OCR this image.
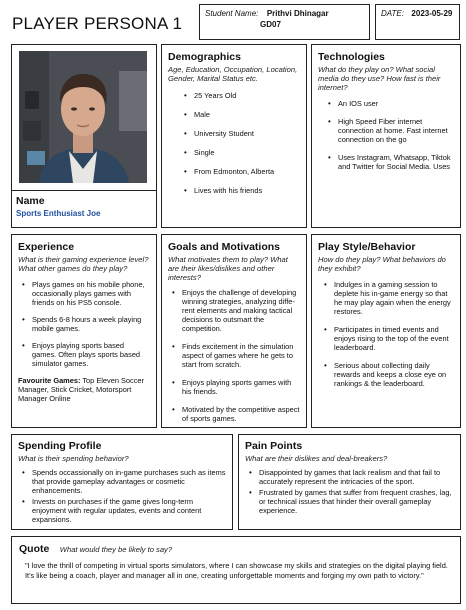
PLAYER PERSONA 1
Student Name: Prithvi Dhinagar
GD07
DATE: 2023-05-29
Name
Sports Enthusiast Joe
Demographics
Age, Education, Occupation, Location, Gender, Marital Status etc.
• 25 Years Old
• Male
• University Student
• Single
• From Edmonton, Alberta
• Lives with his friends
Technologies
What do they play on? What social media do they use? How fast is their internet?
• An IOS user
• High Speed Fiber internet connection at home. Fast internet connection on the go
• Uses Instagram, Whatsapp, Tiktok and Twitter for Social Media. Uses
Experience
What is their gaming experience level? What other games do they play?
• Plays games on his mobile phone, occasionally plays games with friends on his PS5 console.
• Spends 6-8 hours a week playing mobile games.
• Enjoys playing sports based games. Often plays sports based simulator games.
Favourite Games: Top Eleven Soccer Manager, Stick Cricket, Motorsport Manager Online
Goals and Motivations
What motivates them to play? What are their likes/dislikes and other interests?
• Enjoys the challenge of developing winning strategies, analyzing diffe-rent elements and making tactical decisions to outsmart the competition.
• Finds excitement in the simulation aspect of games where he gets to start from scratch.
• Enjoys playing sports games with his friends.
• Motivated by the competitive aspect of sports games.
Play Style/Behavior
How do they play? What behaviors do they exhibit?
• Indulges in a gaming session to deplete his in-game energy so that he may play again when the energy restores.
• Participates in timed events and enjoys rising to the top of the event leaderboard.
• Serious about collecting daily rewards and keeps a close eye on rankings & the leaderboard.
Spending Profile
What is their spending behavior?
• Spends occassionally on in-game purchases such as items that provide gameplay advantages or cosmetic enhancements.
• Invests on purchases if the game gives long-term enjoyment with regular updates, events and content expansions.
Pain Points
What are their dislikes and deal-breakers?
• Disappointed by games that lack realism and that fail to accurately represent the intricacies of the sport.
• Frustrated by games that suffer from frequent crashes, lag, or technical issues that hinder their overall gameplay experience.
Quote What would they be likely to say?
"I love the thrill of competing in virtual sports simulators, where I can showcase my skills and strategies on the digital playing field. It's like being a coach, player and manager all in one, creating unforgettable moments and forging my own path to victory."
